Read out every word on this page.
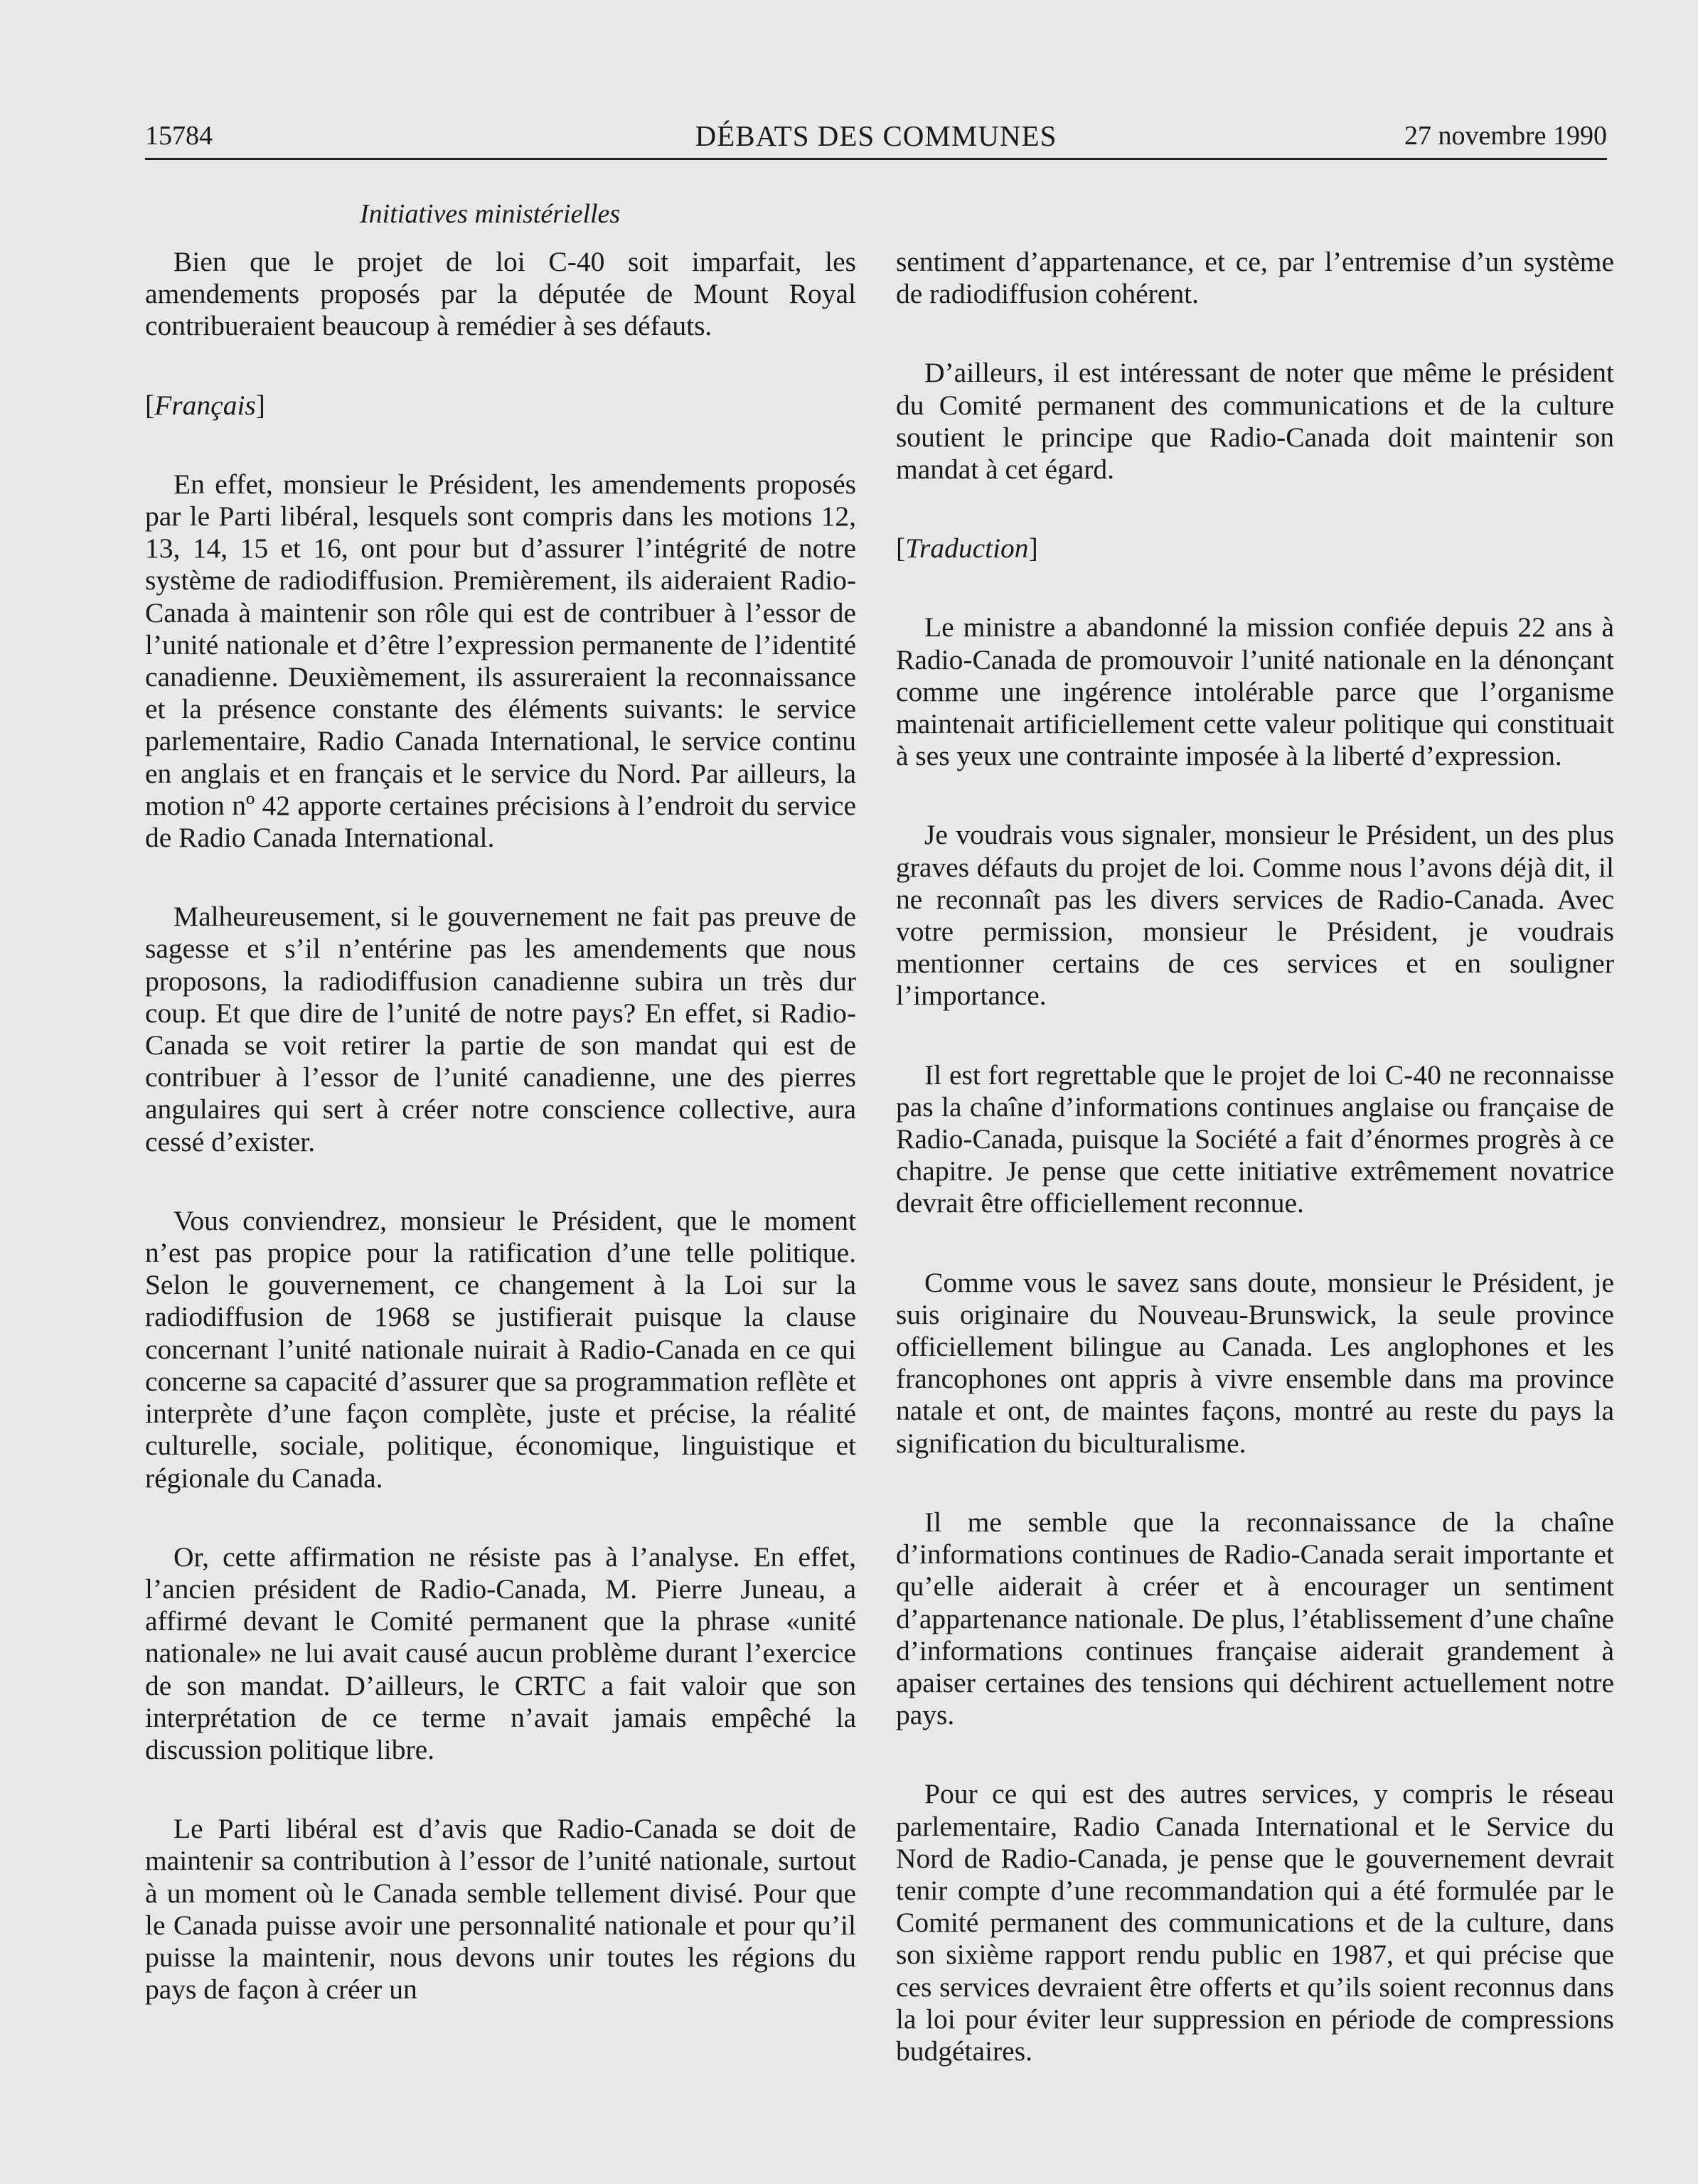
15784	DÉBATS DES COMMUNES	27 novembre 1990
Initiatives ministérielles

Bien que le projet de loi C-40 soit imparfait, les amendements proposés par la députée de Mount Royal contribueraient beaucoup à remédier à ses défauts.

[Français]

En effet, monsieur le Président, les amendements proposés par le Parti libéral, lesquels sont compris dans les motions 12, 13, 14, 15 et 16, ont pour but d’assurer l’intégrité de notre système de radiodiffusion. Premièrement, ils aideraient Radio-Canada à maintenir son rôle qui est de contribuer à l’essor de l’unité nationale et d’être l’expression permanente de l’identité canadienne. Deuxièmement, ils assureraient la reconnaissance et la présence constante des éléments suivants: le service parlementaire, Radio Canada International, le service continu en anglais et en français et le service du Nord. Par ailleurs, la motion nº 42 apporte certaines précisions à l’endroit du service de Radio Canada International.

Malheureusement, si le gouvernement ne fait pas preuve de sagesse et s’il n’entérine pas les amendements que nous proposons, la radiodiffusion canadienne subira un très dur coup. Et que dire de l’unité de notre pays? En effet, si Radio-Canada se voit retirer la partie de son mandat qui est de contribuer à l’essor de l’unité canadienne, une des pierres angulaires qui sert à créer notre conscience collective, aura cessé d’exister.

Vous conviendrez, monsieur le Président, que le moment n’est pas propice pour la ratification d’une telle politique. Selon le gouvernement, ce changement à la Loi sur la radiodiffusion de 1968 se justifierait puisque la clause concernant l’unité nationale nuirait à Radio-Canada en ce qui concerne sa capacité d’assurer que sa programmation reflète et interprète d’une façon complète, juste et précise, la réalité culturelle, sociale, politique, économique, linguistique et régionale du Canada.

Or, cette affirmation ne résiste pas à l’analyse. En effet, l’ancien président de Radio-Canada, M. Pierre Juneau, a affirmé devant le Comité permanent que la phrase «unité nationale» ne lui avait causé aucun problème durant l’exercice de son mandat. D’ailleurs, le CRTC a fait valoir que son interprétation de ce terme n’avait jamais empêché la discussion politique libre.

Le Parti libéral est d’avis que Radio-Canada se doit de maintenir sa contribution à l’essor de l’unité nationale, surtout à un moment où le Canada semble tellement divisé. Pour que le Canada puisse avoir une personnalité nationale et pour qu’il puisse la maintenir, nous devons unir toutes les régions du pays de façon à créer un

sentiment d’appartenance, et ce, par l’entremise d’un système de radiodiffusion cohérent.

D’ailleurs, il est intéressant de noter que même le président du Comité permanent des communications et de la culture soutient le principe que Radio-Canada doit maintenir son mandat à cet égard.

[Traduction]

Le ministre a abandonné la mission confiée depuis 22 ans à Radio-Canada de promouvoir l’unité nationale en la dénonçant comme une ingérence intolérable parce que l’organisme maintenait artificiellement cette valeur politique qui constituait à ses yeux une contrainte imposée à la liberté d’expression.

Je voudrais vous signaler, monsieur le Président, un des plus graves défauts du projet de loi. Comme nous l’avons déjà dit, il ne reconnaît pas les divers services de Radio-Canada. Avec votre permission, monsieur le Président, je voudrais mentionner certains de ces services et en souligner l’importance.

Il est fort regrettable que le projet de loi C-40 ne reconnaisse pas la chaîne d’informations continues anglaise ou française de Radio-Canada, puisque la Société a fait d’énormes progrès à ce chapitre. Je pense que cette initiative extrêmement novatrice devrait être officiellement reconnue.

Comme vous le savez sans doute, monsieur le Président, je suis originaire du Nouveau-Brunswick, la seule province officiellement bilingue au Canada. Les anglophones et les francophones ont appris à vivre ensemble dans ma province natale et ont, de maintes façons, montré au reste du pays la signification du biculturalisme.

Il me semble que la reconnaissance de la chaîne d’informations continues de Radio-Canada serait importante et qu’elle aiderait à créer et à encourager un sentiment d’appartenance nationale. De plus, l’établissement d’une chaîne d’informations continues française aiderait grandement à apaiser certaines des tensions qui déchirent actuellement notre pays.

Pour ce qui est des autres services, y compris le réseau parlementaire, Radio Canada International et le Service du Nord de Radio-Canada, je pense que le gouvernement devrait tenir compte d’une recommandation qui a été formulée par le Comité permanent des communications et de la culture, dans son sixième rapport rendu public en 1987, et qui précise que ces services devraient être offerts et qu’ils soient reconnus dans la loi pour éviter leur suppression en période de compressions budgétaires.
